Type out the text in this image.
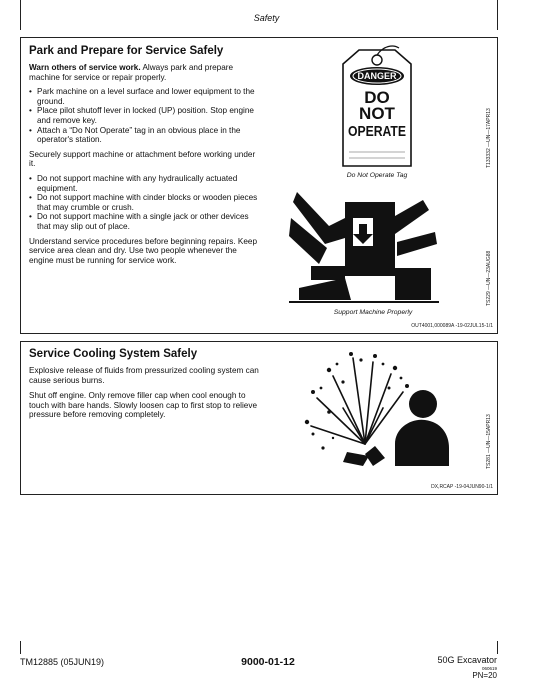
Safety
Park and Prepare for Service Safely
Warn others of service work. Always park and prepare machine for service or repair properly.
• Park machine on a level surface and lower equipment to the ground.
• Place pilot shutoff lever in locked (UP) position. Stop engine and remove key.
• Attach a “Do Not Operate” tag in an obvious place in the operator's station.
Securely support machine or attachment before working under it.
• Do not support machine with any hydraulically actuated equipment.
• Do not support machine with cinder blocks or wooden pieces that may crumble or crush.
• Do not support machine with a single jack or other devices that may slip out of place.
Understand service procedures before beginning repairs. Keep service area clean and dry. Use two people whenever the engine must be running for service work.
DANGER
DO
NOT
OPERATE
Do Not Operate Tag
T133332 —UN—17APR13
Support Machine Properly
TS229 —UN—23AUG88
OUT4001,000089A -19-02JUL15-1/1
Service Cooling System Safely
Explosive release of fluids from pressurized cooling system can cause serious burns.
Shut off engine. Only remove filler cap when cool enough to touch with bare hands. Slowly loosen cap to first stop to relieve pressure before removing completely.	TS281 —UN—15APR13
DX,RCAP -19-04JUN90-1/1
TM12885 (05JUN19)	9000-01-12	50G Excavator
060619
PN=20
